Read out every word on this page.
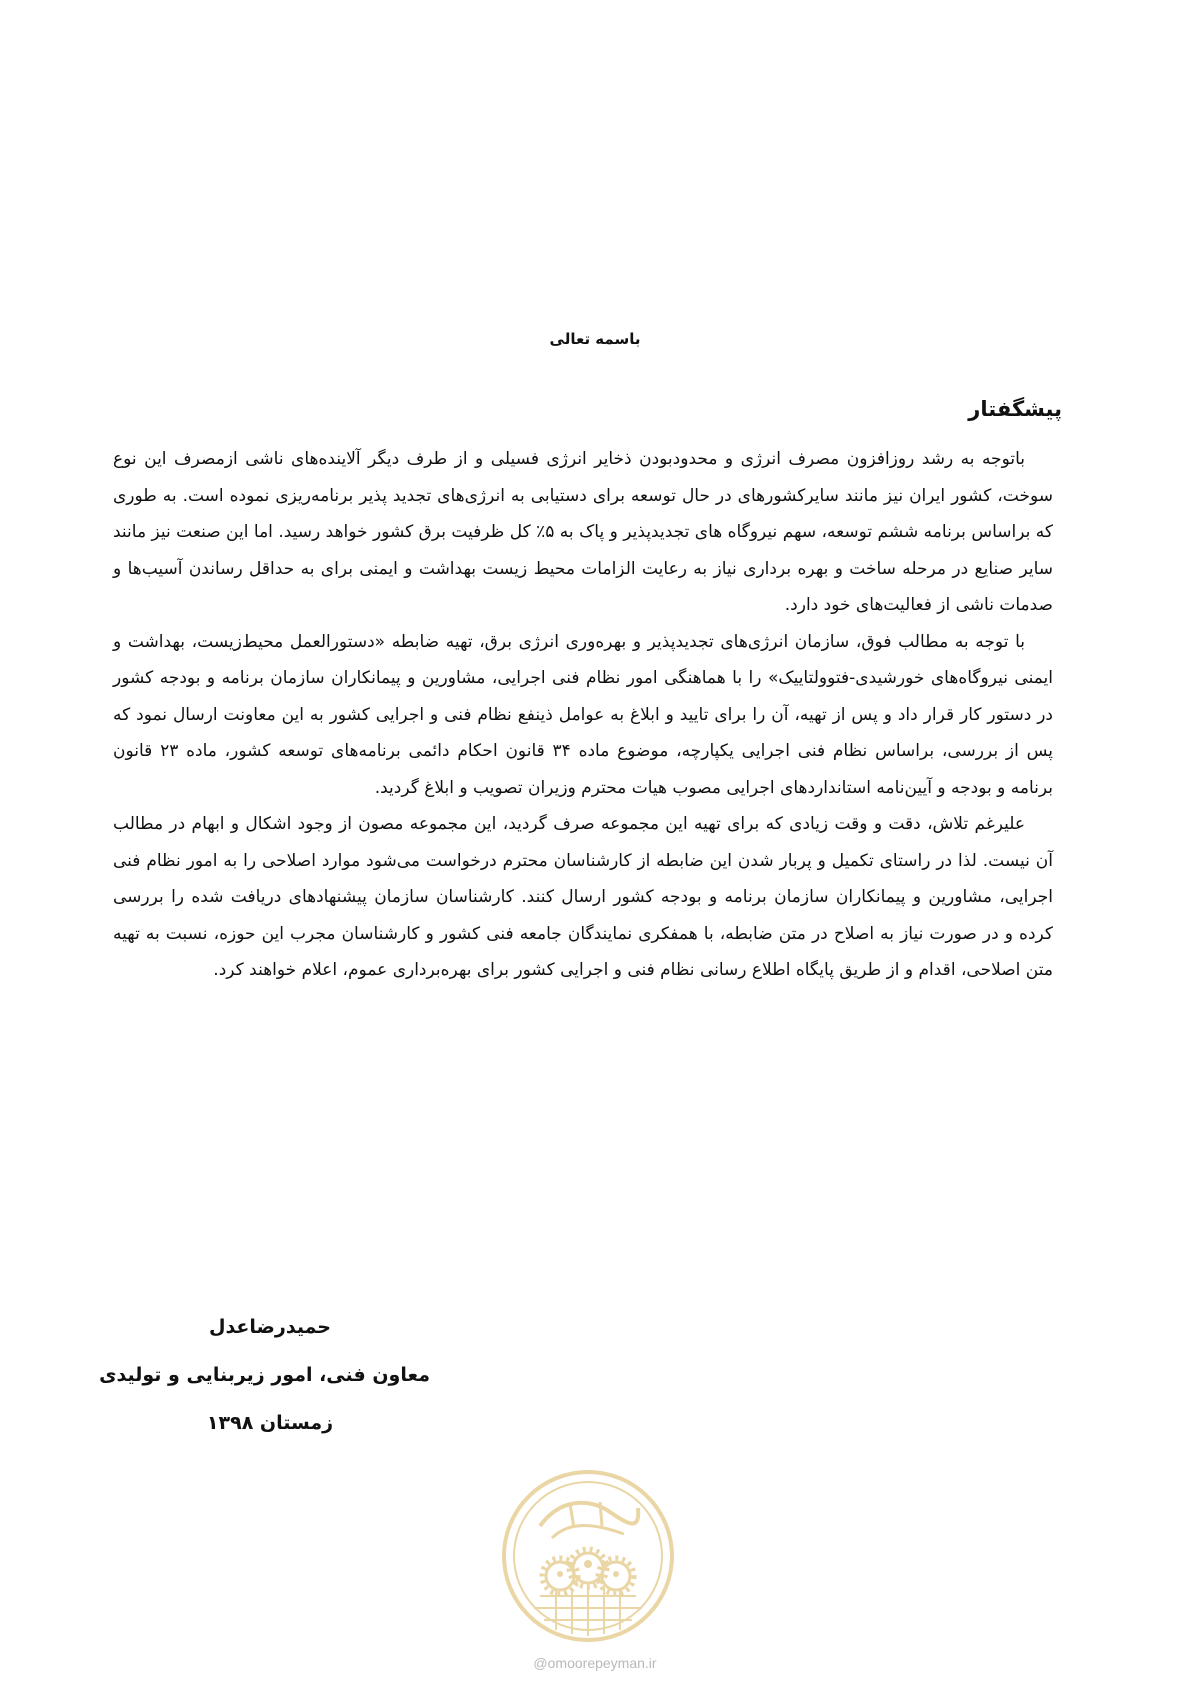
باسمه تعالی
پیشگفتار

باتوجه به رشد روزافزون مصرف انرژی و محدودبودن ذخایر انرژی فسیلی و از طرف دیگر آلاینده‌های ناشی ازمصرف این نوع سوخت، کشور ایران نیز مانند سایرکشورهای در حال توسعه برای دستیابی به انرژی‌های تجدید پذیر برنامه‌ریزی نموده است. به طوری که براساس برنامه ششم توسعه، سهم نیروگاه های تجدیدپذیر و پاک به ۵٪ کل ظرفیت برق کشور خواهد رسید. اما این صنعت نیز مانند سایر صنایع در مرحله ساخت و بهره برداری نیاز به رعایت الزامات محیط زیست بهداشت و ایمنی برای به حداقل رساندن آسیب‌ها و صدمات ناشی از فعالیت‌های خود دارد.

با توجه به مطالب فوق، سازمان انرژی‌های تجدیدپذیر و بهره‌وری انرژی برق، تهیه ضابطه «دستورالعمل محیط‌زیست، بهداشت و ایمنی نیروگاه‌های خورشیدی-فتوولتاییک» را با هماهنگی امور نظام فنی اجرایی، مشاورین و پیمانکاران سازمان برنامه و بودجه کشور در دستور کار قرار داد و پس از تهیه، آن را برای تایید و ابلاغ به عوامل ذینفع نظام فنی و اجرایی کشور به این معاونت ارسال نمود که پس از بررسی، براساس نظام فنی اجرایی یکپارچه، موضوع ماده ۳۴ قانون احکام دائمی برنامه‌های توسعه کشور، ماده ۲۳ قانون برنامه و بودجه و آیین‌نامه استانداردهای اجرایی مصوب هیات محترم وزیران تصویب و ابلاغ گردید.

علیرغم تلاش، دقت و وقت زیادی که برای تهیه این مجموعه صرف گردید، این مجموعه مصون از وجود اشکال و ابهام در مطالب آن نیست. لذا در راستای تکمیل و پربار شدن این ضابطه از کارشناسان محترم درخواست می‌شود موارد اصلاحی را به امور نظام فنی اجرایی، مشاورین و پیمانکاران سازمان برنامه و بودجه کشور ارسال کنند. کارشناسان سازمان پیشنهادهای دریافت شده را بررسی کرده و در صورت نیاز به اصلاح در متن ضابطه، با همفکری نمایندگان جامعه فنی کشور و کارشناسان مجرب این حوزه، نسبت به تهیه متن اصلاحی، اقدام و از طریق پایگاه اطلاع رسانی نظام فنی و اجرایی کشور برای بهره‌برداری عموم، اعلام خواهند کرد.

حمیدرضاعدل
معاون فنی، امور زیربنایی و تولیدی
زمستان ۱۳۹۸
@omoorepeyman.ir
